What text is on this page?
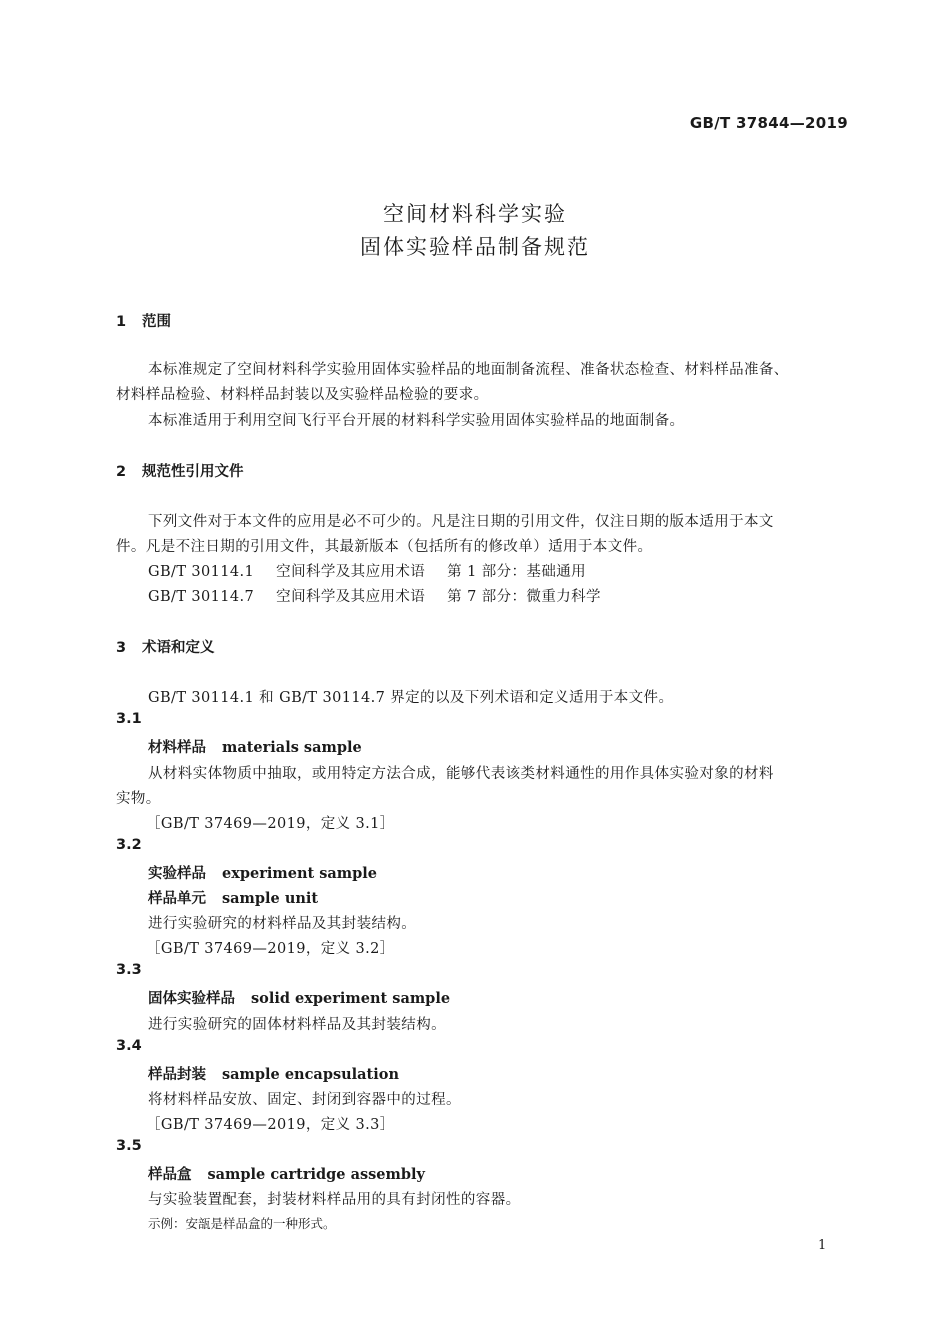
GB/T 37844—2019
空间材料科学实验
固体实验样品制备规范
1 范围
本标准规定了空间材料科学实验用固体实验样品的地面制备流程、准备状态检查、材料样品准备、
材料样品检验、材料样品封装以及实验样品检验的要求。
本标准适用于利用空间飞行平台开展的材料科学实验用固体实验样品的地面制备。
2 规范性引用文件
下列文件对于本文件的应用是必不可少的。凡是注日期的引用文件，仅注日期的版本适用于本文
件。凡是不注日期的引用文件，其最新版本（包括所有的修改单）适用于本文件。
GB/T 30114.1 空间科学及其应用术语 第 1 部分：基础通用
GB/T 30114.7 空间科学及其应用术语 第 7 部分：微重力科学
3 术语和定义
GB/T 30114.1 和 GB/T 30114.7 界定的以及下列术语和定义适用于本文件。
3.1
材料样品 materials sample
从材料实体物质中抽取，或用特定方法合成，能够代表该类材料通性的用作具体实验对象的材料
实物。
［GB/T 37469—2019，定义 3.1］
3.2
实验样品 experiment sample
样品单元 sample unit
进行实验研究的材料样品及其封装结构。
［GB/T 37469—2019，定义 3.2］
3.3
固体实验样品 solid experiment sample
进行实验研究的固体材料样品及其封装结构。
3.4
样品封装 sample encapsulation
将材料样品安放、固定、封闭到容器中的过程。
［GB/T 37469—2019，定义 3.3］
3.5
样品盒 sample cartridge assembly
与实验装置配套，封装材料样品用的具有封闭性的容器。
示例：安瓿是样品盒的一种形式。
1
